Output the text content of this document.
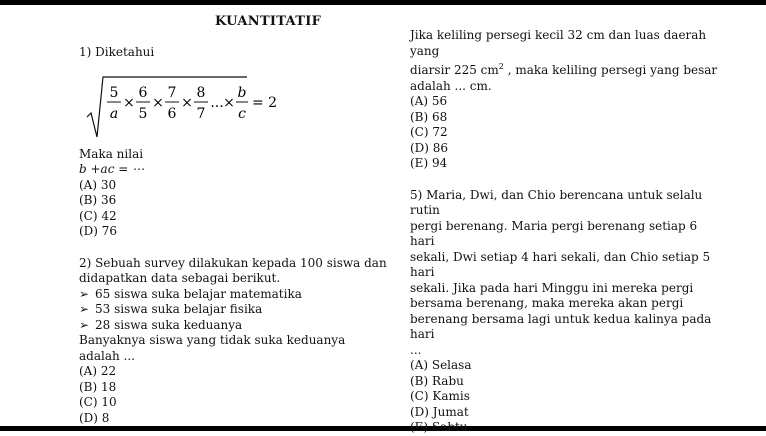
KUANTITATIF
1) Diketahui
5
a
×
6
5
×
7
6
×
8
7
... ×
b
c
= 2
Maka nilai
b +ac = ⋯
(A) 30
(B) 36
(C) 42
(D) 76
2) Sebuah survey dilakukan kepada 100 siswa dan
didapatkan data sebagai berikut.
➢ 65 siswa suka belajar matematika
➢ 53 siswa suka belajar fisika
➢ 28 siswa suka keduanya
Banyaknya siswa yang tidak suka keduanya
adalah ...
(A) 22
(B) 18
(C) 10
(D) 8
Jika keliling persegi kecil 32 cm dan luas daerah
yang
diarsir 225 $cm^2$ , maka keliling persegi yang besar
adalah ... cm.
(A) 56
(B) 68
(C) 72
(D) 86
(E) 94
5) Maria, Dwi, dan Chio berencana untuk selalu
rutin
pergi berenang. Maria pergi berenang setiap 6
hari
sekali, Dwi setiap 4 hari sekali, dan Chio setiap 5
hari
sekali. Jika pada hari Minggu ini mereka pergi
bersama berenang, maka mereka akan pergi
berenang bersama lagi untuk kedua kalinya pada
hari
...
(A) Selasa
(B) Rabu
(C) Kamis
(D) Jumat
(E) Sabtu
